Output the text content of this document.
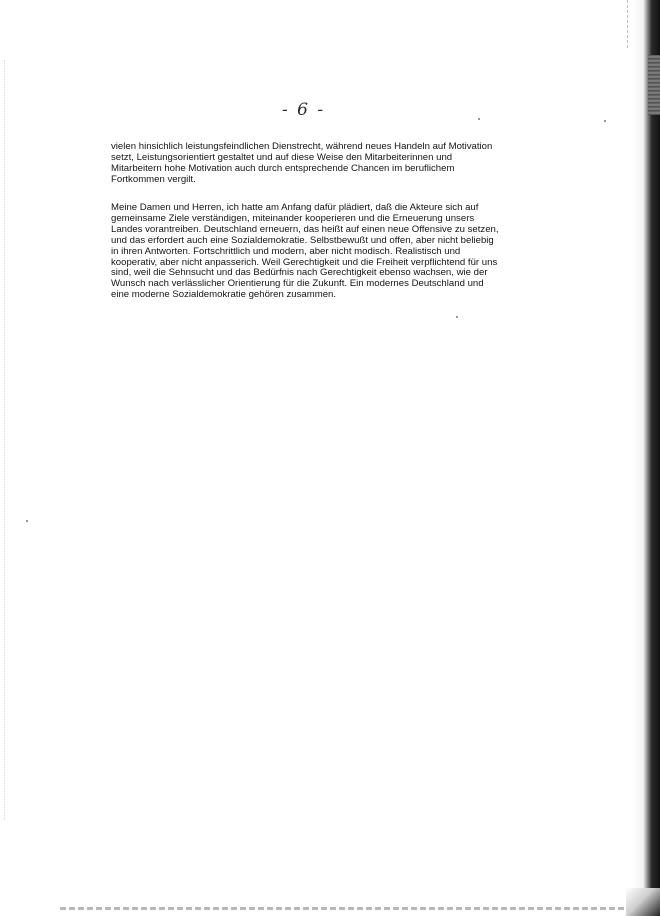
- 6 -
vielen hinsichlich leistungsfeindlichen Dienstrecht, während neues Handeln auf Motivation
setzt, Leistungsorientiert gestaltet und auf diese Weise den Mitarbeiterinnen und
Mitarbeitern hohe Motivation auch durch entsprechende Chancen im beruflichem
Fortkommen vergilt.
Meine Damen und Herren, ich hatte am Anfang dafür plädiert, daß die Akteure sich auf
gemeinsame Ziele verständigen, miteinander kooperieren und die Erneuerung unsers
Landes vorantreiben. Deutschland erneuern, das heißt auf einen neue Offensive zu setzen,
und das erfordert auch eine Sozialdemokratie. Selbstbewußt und offen, aber nicht beliebig
in ihren Antworten. Fortschrittlich und modern, aber nicht modisch. Realistisch und
kooperativ, aber nicht anpasserich. Weil Gerechtigkeit und die Freiheit verpflichtend für uns
sind, weil die Sehnsucht und das Bedürfnis nach Gerechtigkeit ebenso wachsen, wie der
Wunsch nach verlässlicher Orientierung für die Zukunft. Ein modernes Deutschland und
eine moderne Sozialdemokratie gehören zusammen.
